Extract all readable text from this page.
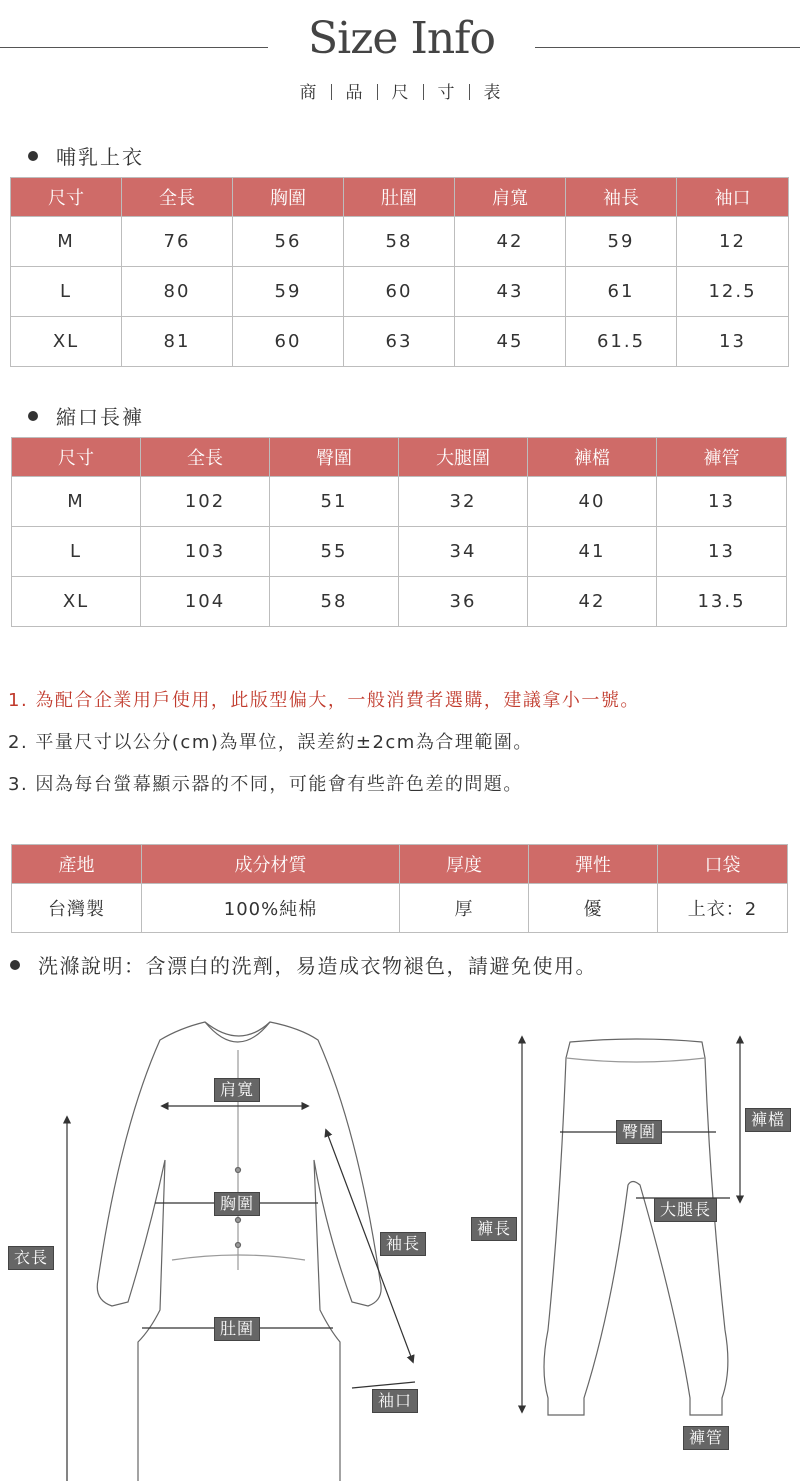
Size Info
商 品 尺 寸 表
哺乳上衣
尺寸	全長	胸圍	肚圍	肩寬	袖長	袖口
M	76	56	58	42	59	12
L	80	59	60	43	61	12.5
XL	81	60	63	45	61.5	13
縮口長褲
尺寸	全長	臀圍	大腿圍	褲檔	褲管
M	102	51	32	40	13
L	103	55	34	41	13
XL	104	58	36	42	13.5
1. 為配合企業用戶使用，此版型偏大，一般消費者選購，建議拿小一號。
2. 平量尺寸以公分(cm)為單位，誤差約±2cm為合理範圍。
3. 因為每台螢幕顯示器的不同，可能會有些許色差的問題。
產地	成分材質	厚度	彈性	口袋
台灣製	100%純棉	厚	優	上衣：2
洗滌說明：含漂白的洗劑，易造成衣物褪色，請避免使用。
肩寬
胸圍
肚圍
袖長
袖口
衣長
褲長
臀圍
大腿長
褲檔
褲管
